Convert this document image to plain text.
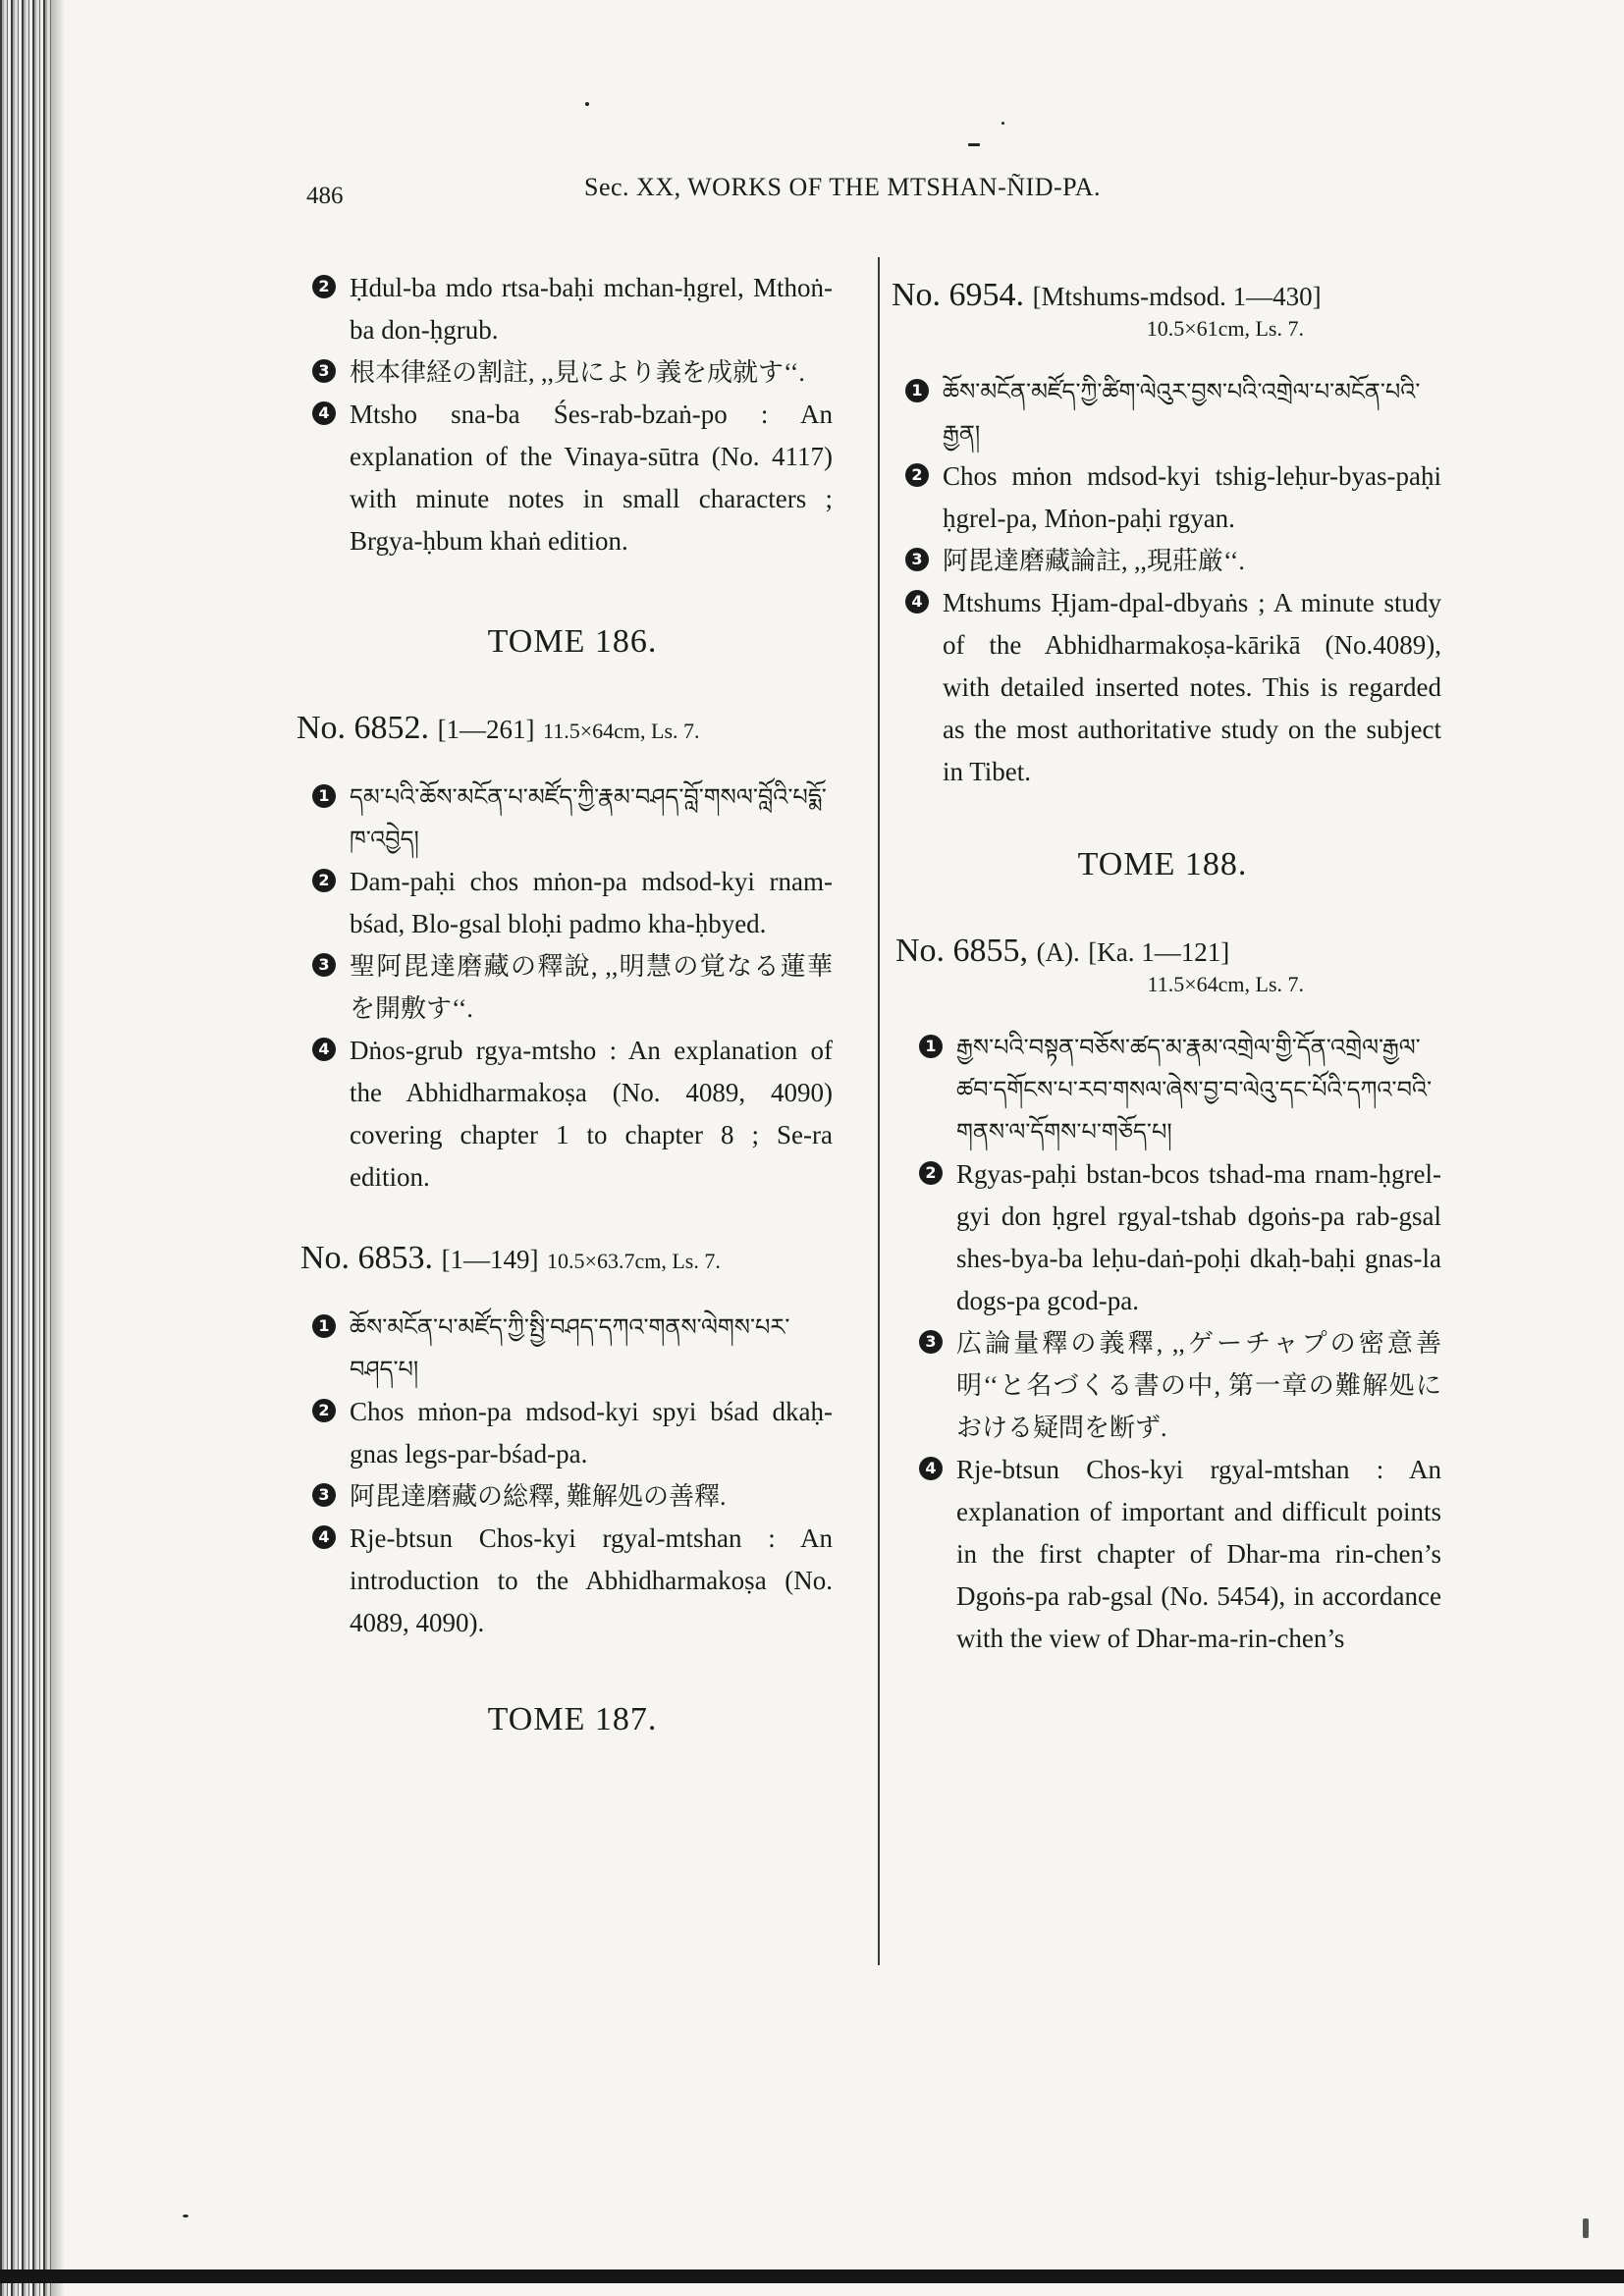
486	Sec. XX, WORKS OF THE MTSHAN-ÑID-PA.
2 Ḥdul-ba mdo rtsa-baḥi mchan-ḥgrel, Mthoṅ-ba don-ḥgrub.
3 根本律経の割註, ,,見により義を成就す‘‘.
4 Mtsho sna-ba Śes-rab-bzaṅ-po : An explanation of the Vinaya-sūtra (No. 4117) with minute notes in small characters ; Brgya-ḥbum khaṅ edition.
TOME 186.
No. 6852. [1—261] 11.5×64cm, Ls. 7.
1 དམ་པའི་ཆོས་མངོན་པ་མཛོད་ཀྱི་རྣམ་བཤད་བློ་གསལ་བློའི་པདྨོ་ཁ་འབྱེད།
2 Dam-paḥi chos mṅon-pa mdsod-kyi rnam-bśad, Blo-gsal bloḥi padmo kha-ḥbyed.
3 聖阿毘達磨藏の釋說, ,,明慧の覚なる蓮華を開敷す‘‘.
4 Dṅos-grub rgya-mtsho : An explanation of the Abhidharmakoṣa (No. 4089, 4090) covering chapter 1 to chapter 8 ; Se-ra edition.
No. 6853. [1—149] 10.5×63.7cm, Ls. 7.
1 ཆོས་མངོན་པ་མཛོད་ཀྱི་སྤྱི་བཤད་དཀའ་གནས་ལེགས་པར་བཤད་པ།
2 Chos mṅon-pa mdsod-kyi spyi bśad dkaḥ-gnas legs-par-bśad-pa.
3 阿毘達磨藏の総釋, 難解処の善釋.
4 Rje-btsun Chos-kyi rgyal-mtshan : An introduction to the Abhidharmakoṣa (No. 4089, 4090).
TOME 187.
No. 6954. [Mtshums-mdsod. 1—430]
10.5×61cm, Ls. 7.
1 ཆོས་མངོན་མཛོད་ཀྱི་ཚིག་ལེའུར་བྱས་པའི་འགྲེལ་པ་མངོན་པའི་རྒྱན།
2 Chos mṅon mdsod-kyi tshig-leḥur-byas-paḥi ḥgrel-pa, Mṅon-paḥi rgyan.
3 阿毘達磨藏論註, ,,現莊厳‘‘.
4 Mtshums Ḥjam-dpal-dbyaṅs ; A minute study of the Abhidharmakoṣa-kārikā (No.4089), with detailed inserted notes. This is regarded as the most authoritative study on the subject in Tibet.
TOME 188.
No. 6855, (A). [Ka. 1—121]
11.5×64cm, Ls. 7.
1 རྒྱས་པའི་བསྟན་བཅོས་ཚད་མ་རྣམ་འགྲེལ་གྱི་དོན་འགྲེལ་རྒྱལ་ཚབ་དགོངས་པ་རབ་གསལ་ཞེས་བྱ་བ་ལེའུ་དང་པོའི་དཀའ་བའི་གནས་ལ་དོགས་པ་གཅོད་པ།
2 Rgyas-paḥi bstan-bcos tshad-ma rnam-ḥgrel-gyi don ḥgrel rgyal-tshab dgoṅs-pa rab-gsal shes-bya-ba leḥu-daṅ-poḥi dkaḥ-baḥi gnas-la dogs-pa gcod-pa.
3 広論量釋の義釋, ,,ゲーチャプの密意善明‘‘と名づくる書の中, 第一章の難解処における疑問を断ず.
4 Rje-btsun Chos-kyi rgyal-mtshan : An explanation of important and difficult points in the first chapter of Dhar-ma rin-chen’s Dgoṅs-pa rab-gsal (No. 5454), in accordance with the view of Dhar-ma-rin-chen’s
